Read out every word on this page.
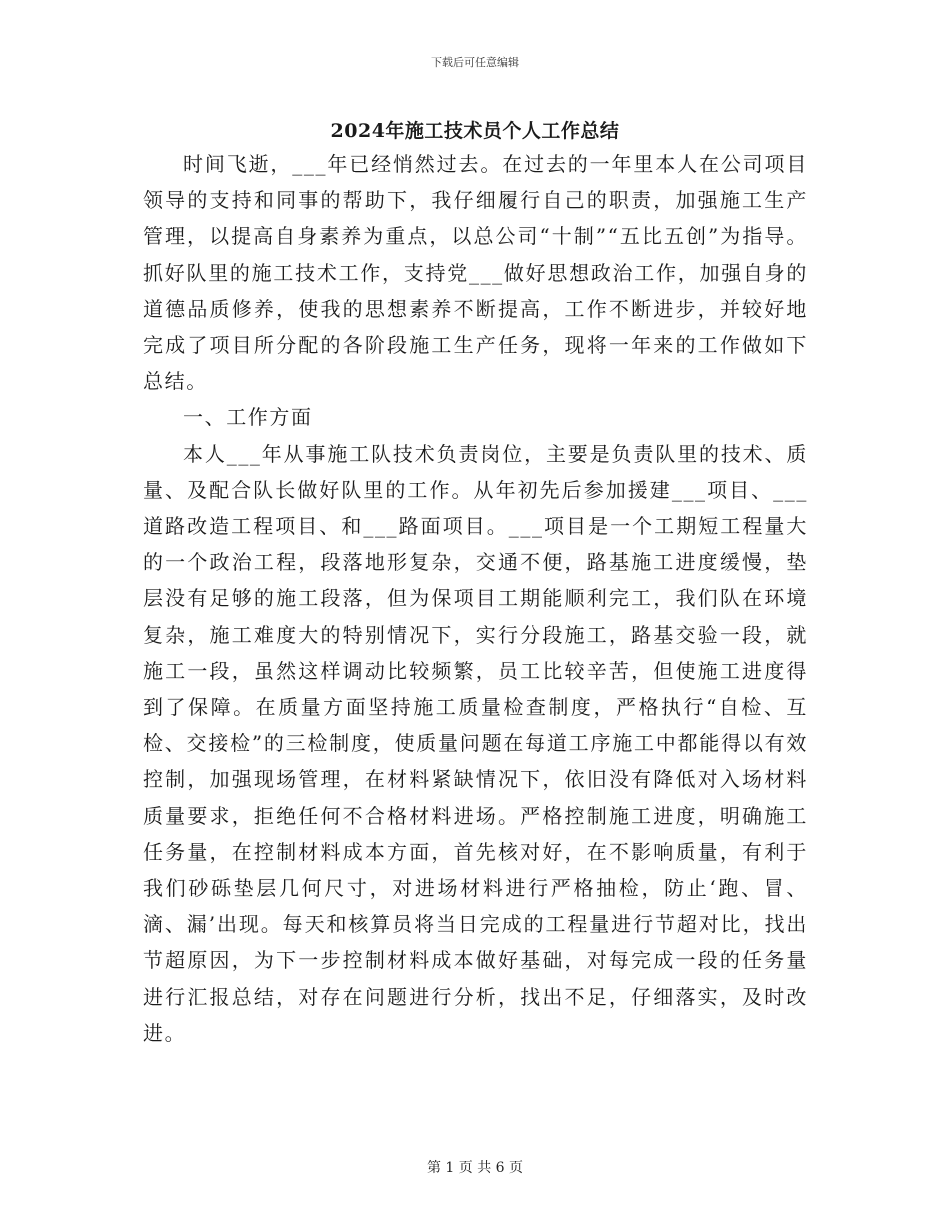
下载后可任意编辑
2024年施工技术员个人工作总结

时间飞逝，___年已经悄然过去。在过去的一年里本人在公司项目领导的支持和同事的帮助下，我仔细履行自己的职责，加强施工生产管理，以提高自身素养为重点，以总公司“十制”“五比五创”为指导。抓好队里的施工技术工作，支持党___做好思想政治工作，加强自身的道德品质修养，使我的思想素养不断提高，工作不断进步，并较好地完成了项目所分配的各阶段施工生产任务，现将一年来的工作做如下总结。

一、工作方面

本人___年从事施工队技术负责岗位，主要是负责队里的技术、质量、及配合队长做好队里的工作。从年初先后参加援建___项目、___道路改造工程项目、和___路面项目。___项目是一个工期短工程量大的一个政治工程，段落地形复杂，交通不便，路基施工进度缓慢，垫层没有足够的施工段落，但为保项目工期能顺利完工，我们队在环境复杂，施工难度大的特别情况下，实行分段施工，路基交验一段，就施工一段，虽然这样调动比较频繁，员工比较辛苦，但使施工进度得到了保障。在质量方面坚持施工质量检查制度，严格执行“自检、互检、交接检”的三检制度，使质量问题在每道工序施工中都能得以有效控制，加强现场管理，在材料紧缺情况下，依旧没有降低对入场材料质量要求，拒绝任何不合格材料进场。严格控制施工进度，明确施工任务量，在控制材料成本方面，首先核对好，在不影响质量，有利于我们砂砾垫层几何尺寸，对进场材料进行严格抽检，防止‘跑、冒、滴、漏’出现。每天和核算员将当日完成的工程量进行节超对比，找出节超原因，为下一步控制材料成本做好基础，对每完成一段的任务量进行汇报总结，对存在问题进行分析，找出不足，仔细落实，及时改进。

第 1 页 共 6 页
